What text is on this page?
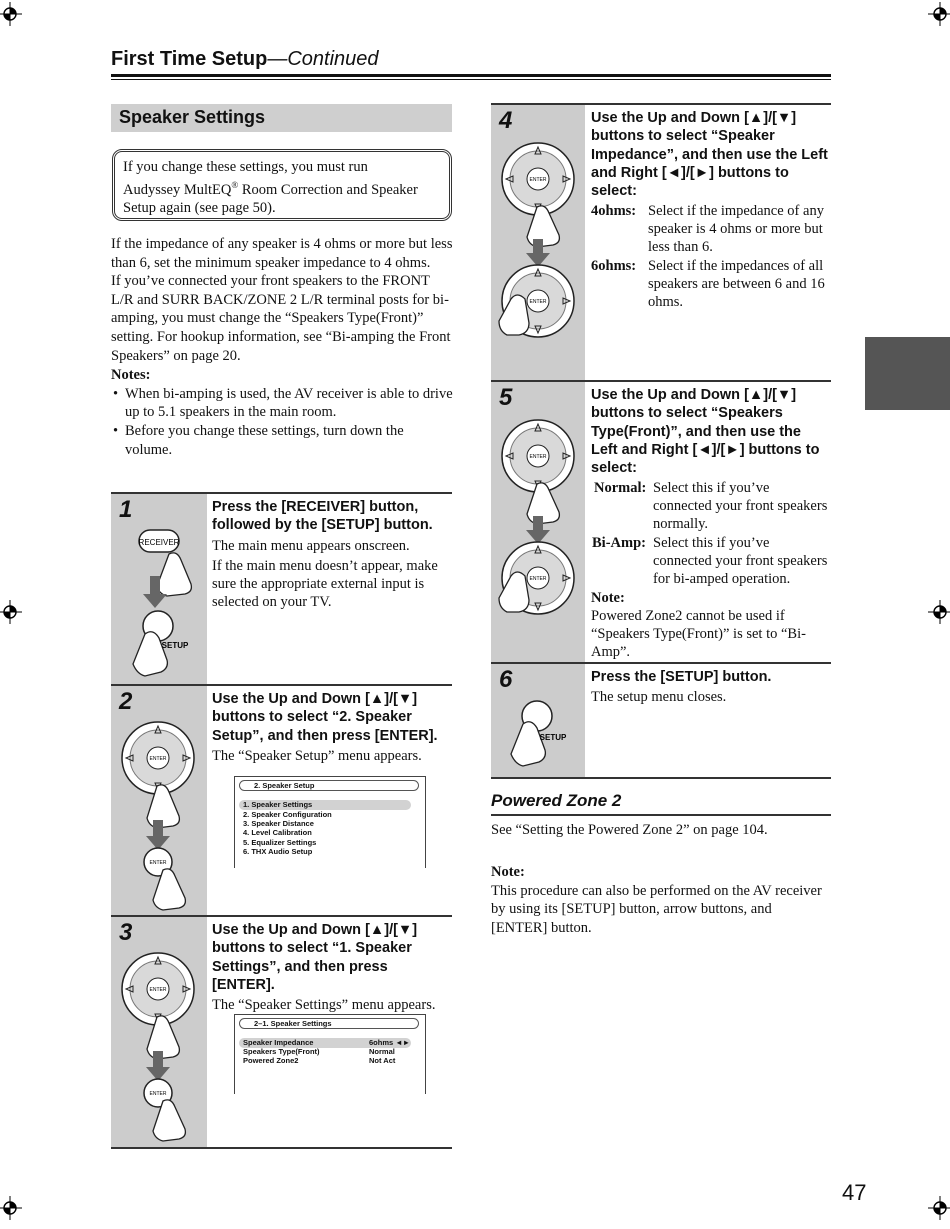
First Time Setup—Continued
Speaker Settings
If you change these settings, you must run
Audyssey MultEQ® Room Correction and Speaker
Setup again (see page 50).
If the impedance of any speaker is 4 ohms or more but less than 6, set the minimum speaker impedance to 4 ohms.
If you’ve connected your front speakers to the FRONT L/R and SURR BACK/ZONE 2 L/R terminal posts for bi-amping, you must change the “Speakers Type(Front)” setting. For hookup information, see “Bi-amping the Front Speakers” on page 20.
Notes:
• When bi-amping is used, the AV receiver is able to drive up to 5.1 speakers in the main room.
• Before you change these settings, turn down the volume.
1
RECEIVER
SETUP
Press the [RECEIVER] button, followed by the [SETUP] button.
The main menu appears onscreen.
If the main menu doesn’t appear, make sure the appropriate external input is selected on your TV.
2
ENTER
ENTER
Use the Up and Down [▲]/[▼] buttons to select “2. Speaker Setup”, and then press [ENTER].
The “Speaker Setup” menu appears.
2. Speaker Setup
1. Speaker Settings
2. Speaker Configuration
3. Speaker Distance
4. Level Calibration
5. Equalizer Settings
6. THX Audio Setup
3
ENTER
ENTER
Use the Up and Down [▲]/[▼] buttons to select “1. Speaker Settings”, and then press [ENTER].
The “Speaker Settings” menu appears.
2–1. Speaker Settings
Speaker Impedance	6ohms ◄►
Speakers Type(Front)	Normal
Powered Zone2	Not Act
4
ENTER
ENTER
Use the Up and Down [▲]/[▼] buttons to select “Speaker Impedance”, and then use the Left and Right [◄]/[►] buttons to select:
4ohms: Select if the impedance of any speaker is 4 ohms or more but less than 6.
6ohms: Select if the impedances of all speakers are between 6 and 16 ohms.
5
ENTER
ENTER
Use the Up and Down [▲]/[▼] buttons to select “Speakers Type(Front)”, and then use the Left and Right [◄]/[►] buttons to select:
Normal: Select this if you’ve connected your front speakers normally.
Bi-Amp: Select this if you’ve connected your front speakers for bi-amped operation.
Note:
Powered Zone2 cannot be used if “Speakers Type(Front)” is set to “Bi-Amp”.
6
SETUP
Press the [SETUP] button.
The setup menu closes.
Powered Zone 2
See “Setting the Powered Zone 2” on page 104.
Note:
This procedure can also be performed on the AV receiver by using its [SETUP] button, arrow buttons, and [ENTER] button.
47
